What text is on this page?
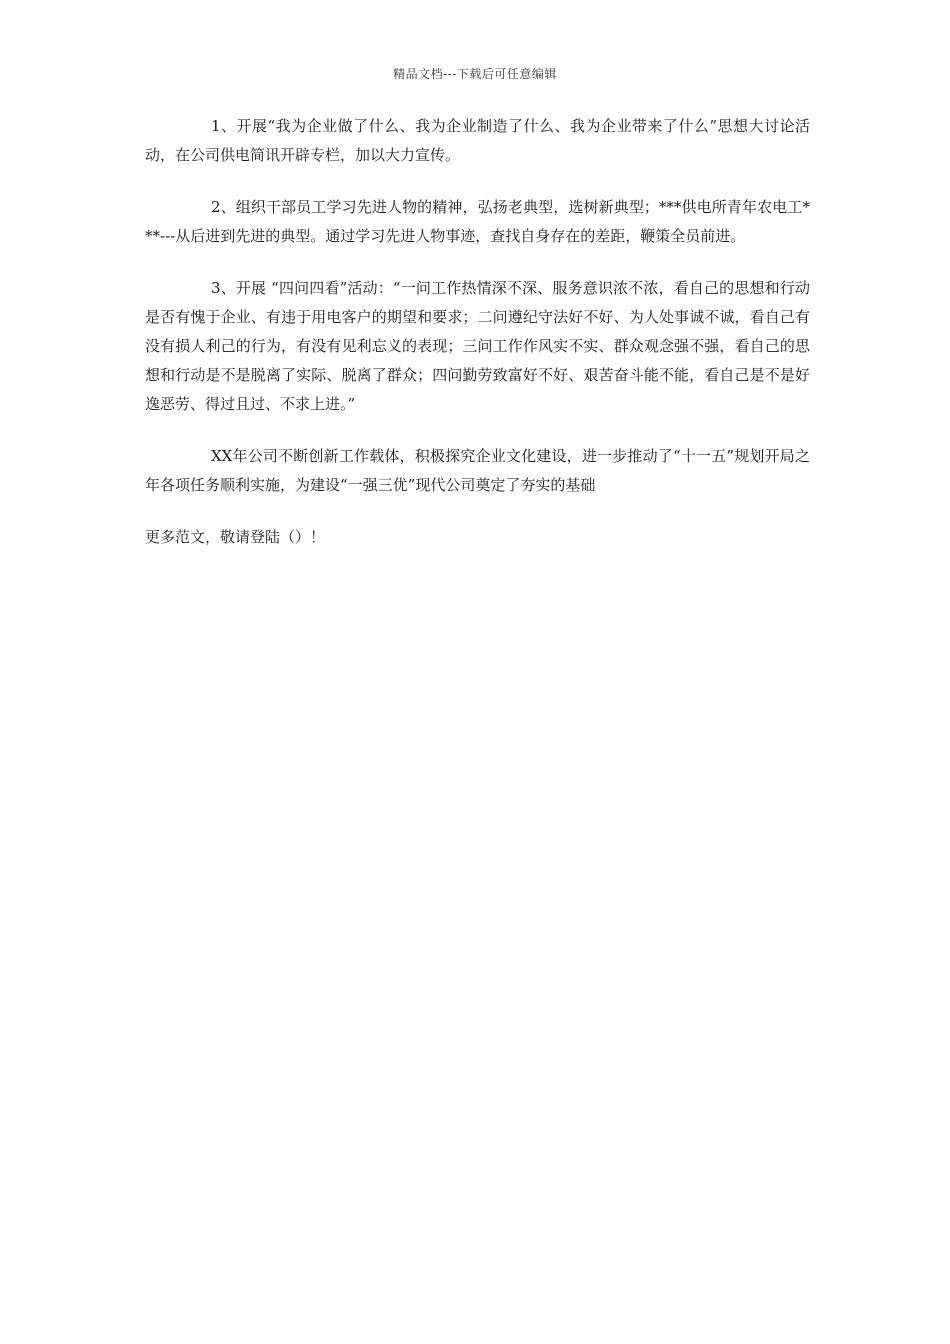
精品文档---下载后可任意编辑

1、开展“我为企业做了什么、我为企业制造了什么、我为企业带来了什么”思想大讨论活动，在公司供电简讯开辟专栏，加以大力宣传。

2、组织干部员工学习先进人物的精神，弘扬老典型，选树新典型；***供电所青年农电工***---从后进到先进的典型。通过学习先进人物事迹，查找自身存在的差距，鞭策全员前进。

3、开展 “四问四看”活动：“一问工作热情深不深、服务意识浓不浓，看自己的思想和行动是否有愧于企业、有违于用电客户的期望和要求；二问遵纪守法好不好、为人处事诚不诚，看自己有没有损人利己的行为，有没有见利忘义的表现；三问工作作风实不实、群众观念强不强，看自己的思想和行动是不是脱离了实际、脱离了群众；四问勤劳致富好不好、艰苦奋斗能不能，看自己是不是好逸恶劳、得过且过、不求上进。”

XX年公司不断创新工作载体，积极探究企业文化建设，进一步推动了“十一五”规划开局之年各项任务顺利实施，为建设“一强三优”现代公司奠定了夯实的基础

更多范文，敬请登陆（）！
